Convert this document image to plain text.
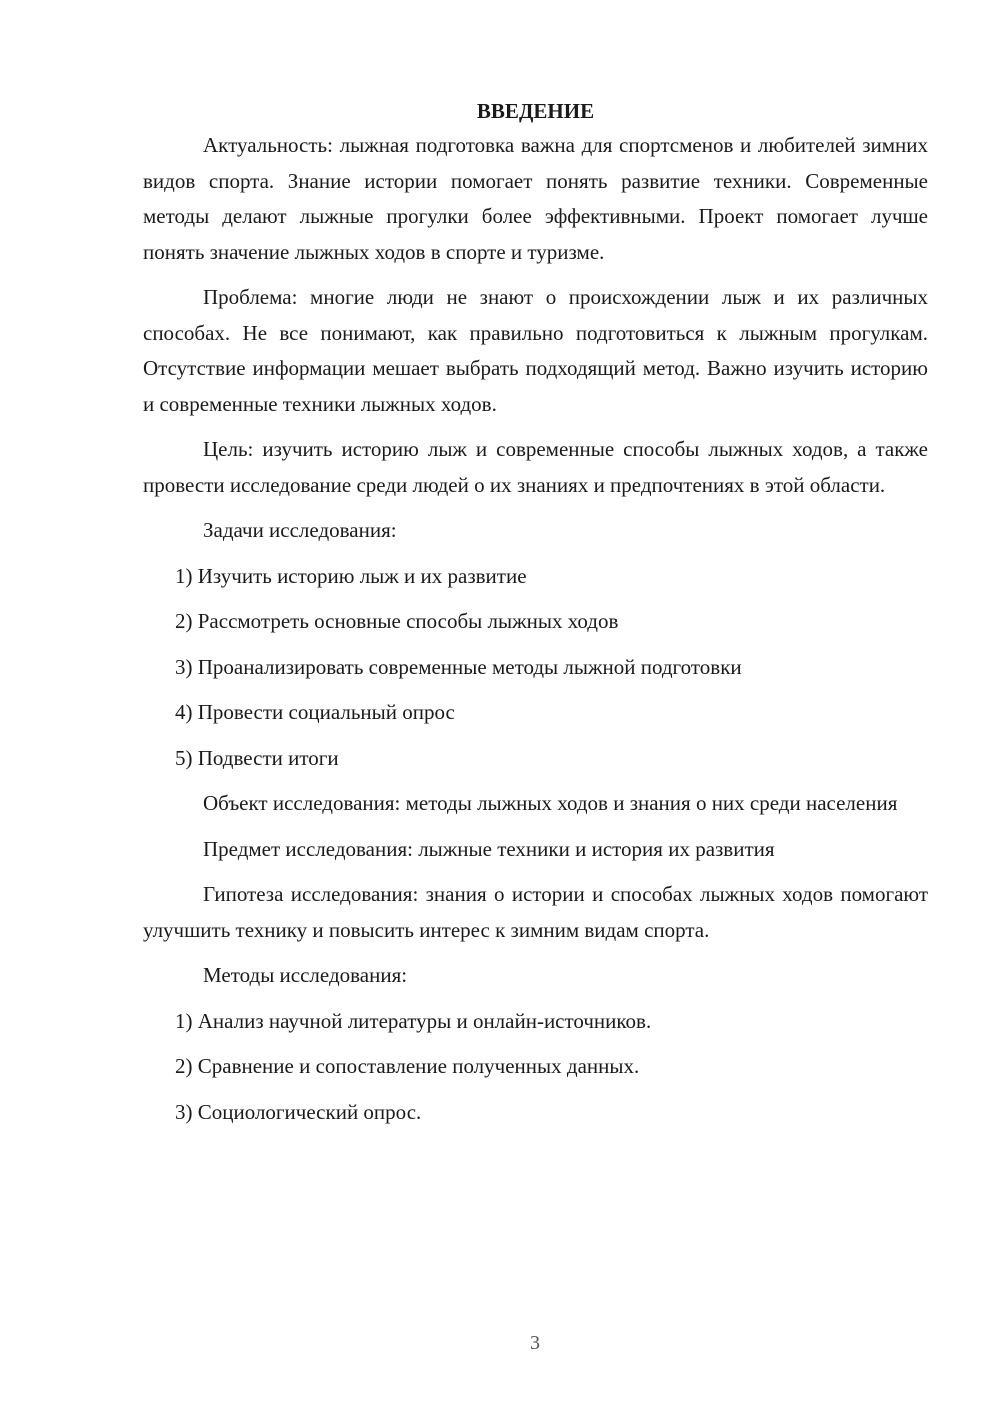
ВВЕДЕНИЕ

Актуальность: лыжная подготовка важна для спортсменов и любителей зимних видов спорта. Знание истории помогает понять развитие техники. Современные методы делают лыжные прогулки более эффективными. Проект помогает лучше понять значение лыжных ходов в спорте и туризме.

Проблема: многие люди не знают о происхождении лыж и их различных способах. Не все понимают, как правильно подготовиться к лыжным прогулкам. Отсутствие информации мешает выбрать подходящий метод. Важно изучить историю и современные техники лыжных ходов.

Цель: изучить историю лыж и современные способы лыжных ходов, а также провести исследование среди людей о их знаниях и предпочтениях в этой области.

Задачи исследования:

1) Изучить историю лыж и их развитие
2) Рассмотреть основные способы лыжных ходов
3) Проанализировать современные методы лыжной подготовки
4) Провести социальный опрос
5) Подвести итоги

Объект исследования: методы лыжных ходов и знания о них среди населения

Предмет исследования: лыжные техники и история их развития

Гипотеза исследования: знания о истории и способах лыжных ходов помогают улучшить технику и повысить интерес к зимним видам спорта.

Методы исследования:

1) Анализ научной литературы и онлайн-источников.
2) Сравнение и сопоставление полученных данных.
3) Социологический опрос.
3
